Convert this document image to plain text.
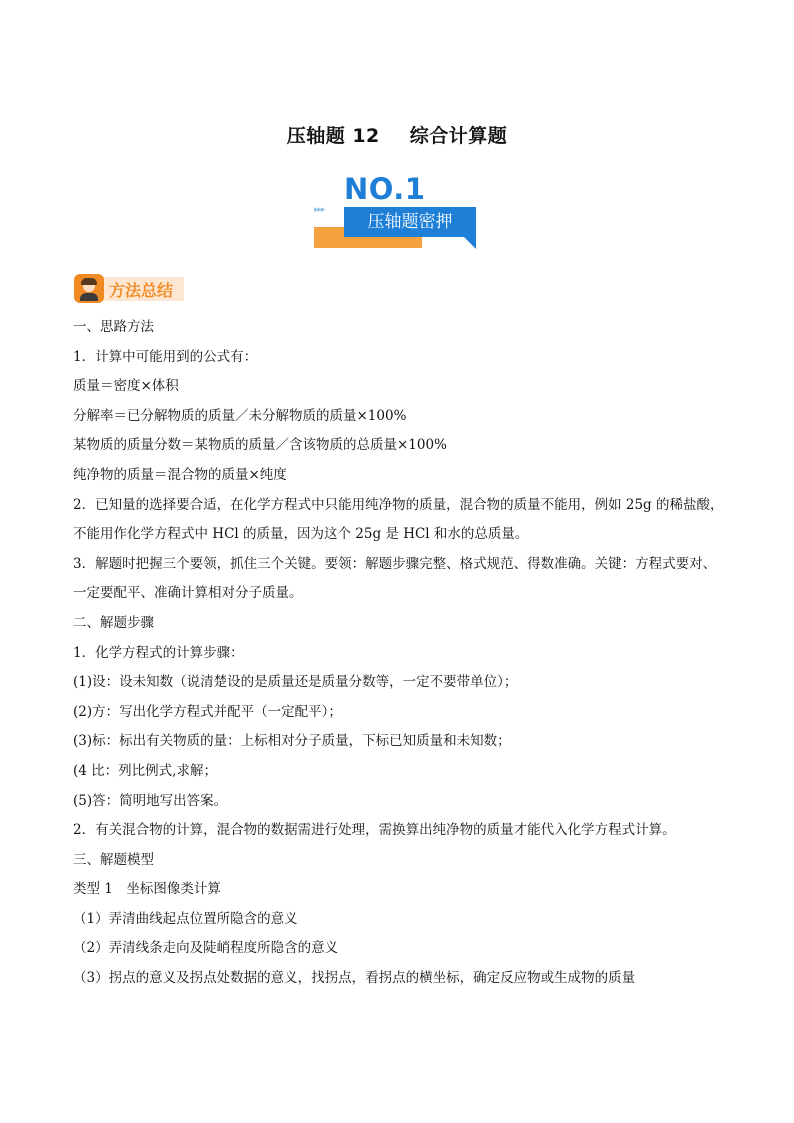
压轴题 12 综合计算题
NO.1
▸▸▸
压轴题密押
方法总结
一、思路方法
1．计算中可能用到的公式有：
质量＝密度×体积
分解率＝已分解物质的质量／未分解物质的质量×100%
某物质的质量分数＝某物质的质量／含该物质的总质量×100%
纯净物的质量＝混合物的质量×纯度
2．已知量的选择要合适，在化学方程式中只能用纯净物的质量，混合物的质量不能用，例如 25g 的稀盐酸，
不能用作化学方程式中 HCl 的质量，因为这个 25g 是 HCl 和水的总质量。
3．解题时把握三个要领，抓住三个关键。要领：解题步骤完整、格式规范、得数准确。关键：方程式要对、
一定要配平、准确计算相对分子质量。
二、解题步骤
1．化学方程式的计算步骤：
(1)设：设未知数（说清楚设的是质量还是质量分数等，一定不要带单位）；
(2)方：写出化学方程式并配平（一定配平）；
(3)标：标出有关物质的量：上标相对分子质量，下标已知质量和未知数；
(4 比：列比例式,求解；
(5)答：简明地写出答案。
2．有关混合物的计算，混合物的数据需进行处理，需换算出纯净物的质量才能代入化学方程式计算。
三、解题模型
类型 1　坐标图像类计算
（1）弄清曲线起点位置所隐含的意义
（2）弄清线条走向及陡峭程度所隐含的意义
（3）拐点的意义及拐点处数据的意义，找拐点，看拐点的横坐标，确定反应物或生成物的质量
